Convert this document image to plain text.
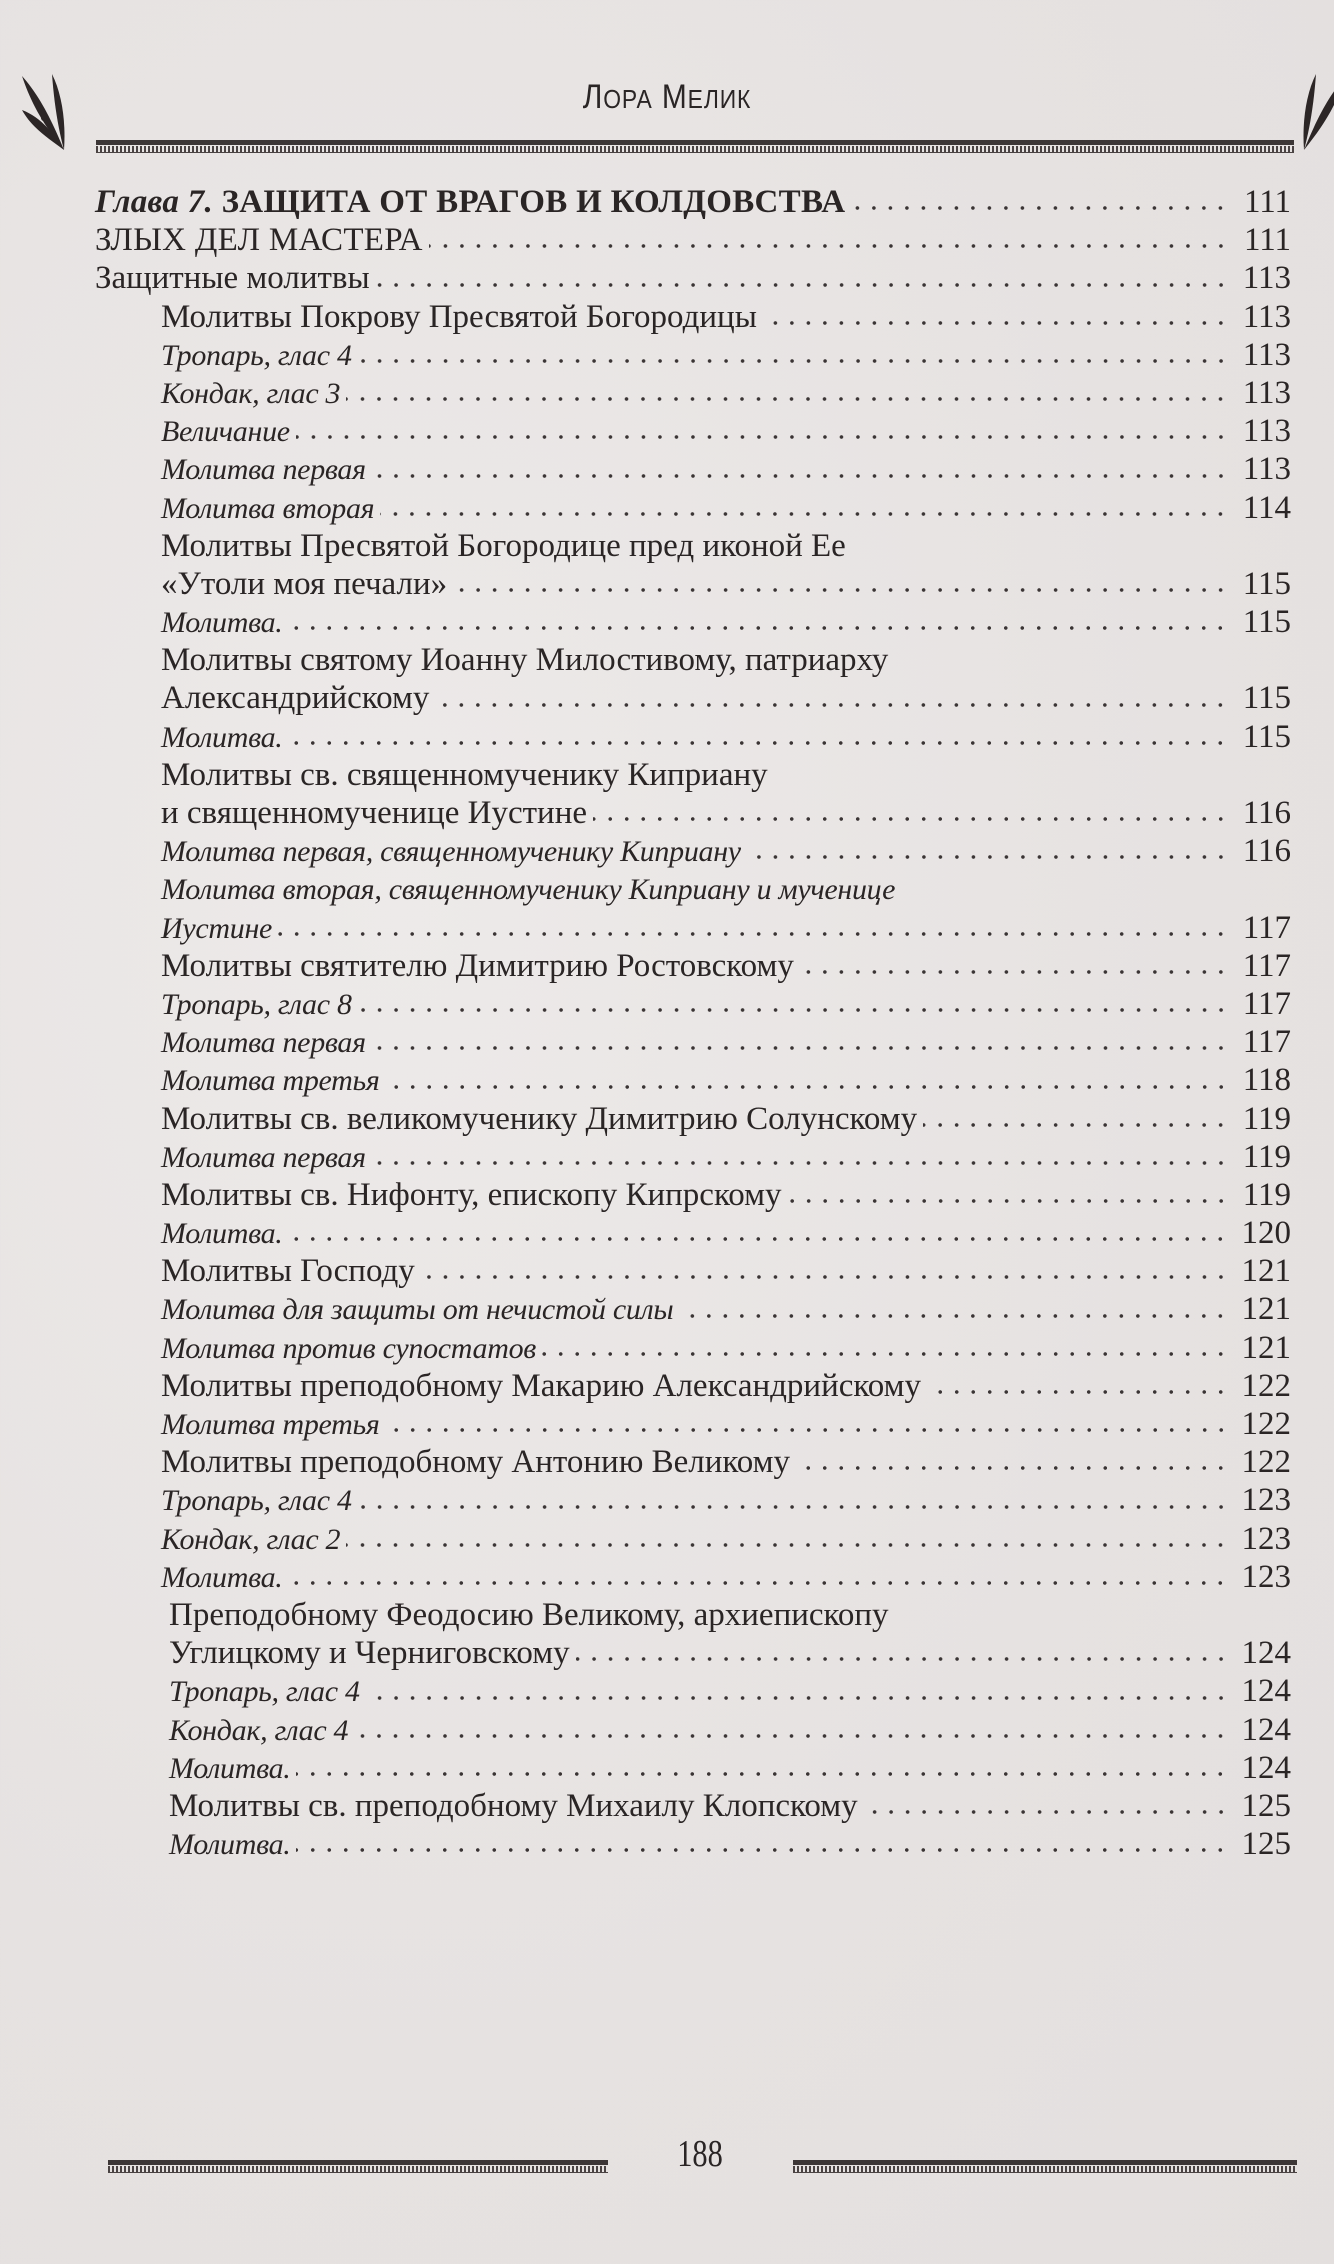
ЛОРА МЕЛИК
Глава 7. ЗАЩИТА ОТ ВРАГОВ И КОЛДОВСТВА	111
ЗЛЫХ ДЕЛ МАСТЕРА	111
Защитные молитвы	113
Молитвы Покрову Пресвятой Богородицы	113
Тропарь, глас 4	113
Кондак, глас 3	113
Величание	113
Молитва первая	113
Молитва вторая	114
Молитвы Пресвятой Богородице пред иконой Ее
«Утоли моя печали»	115
Молитва.	115
Молитвы святому Иоанну Милостивому, патриарху
Александрийскому	115
Молитва.	115
Молитвы св. священномученику Киприану
и священномученице Иустине	116
Молитва первая, священномученику Киприану	116
Молитва вторая, священномученику Киприану и мученице
Иустине	117
Молитвы святителю Димитрию Ростовскому	117
Тропарь, глас 8	117
Молитва первая	117
Молитва третья	118
Молитвы св. великомученику Димитрию Солунскому	119
Молитва первая	119
Молитвы св. Нифонту, епископу Кипрскому	119
Молитва.	120
Молитвы Господу	121
Молитва для защиты от нечистой силы	121
Молитва против супостатов	121
Молитвы преподобному Макарию Александрийскому	122
Молитва третья	122
Молитвы преподобному Антонию Великому	122
Тропарь, глас 4	123
Кондак, глас 2	123
Молитва.	123
Преподобному Феодосию Великому, архиепископу
Углицкому и Черниговскому	124
Тропарь, глас 4	124
Кондак, глас 4	124
Молитва.	124
Молитвы св. преподобному Михаилу Клопскому	125
Молитва.	125
188
